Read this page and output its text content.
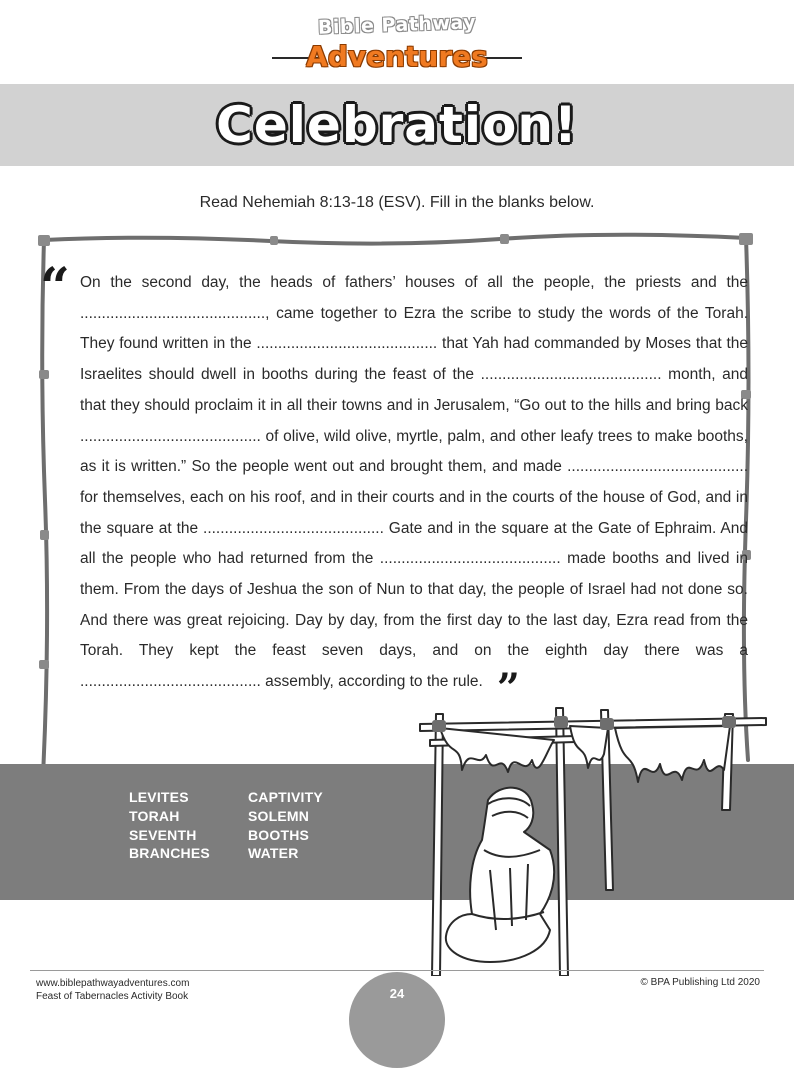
Bible Pathway
Adventures
Celebration!
Read Nehemiah 8:13-18 (ESV). Fill in the blanks below.
“ On the second day, the heads of fathers’ houses of all the people, the priests and the ..........................................., came together to Ezra the scribe to study the words of the Torah. They found written in the .......................................... that Yah had commanded by Moses that the Israelites should dwell in booths during the feast of the .......................................... month, and that they should proclaim it in all their towns and in Jerusalem, “Go out to the hills and bring back .......................................... of olive, wild olive, myrtle, palm, and other leafy trees to make booths, as it is written.” So the people went out and brought them, and made .......................................... for themselves, each on his roof, and in their courts and in the courts of the house of God, and in the square at the .......................................... Gate and in the square at the Gate of Ephraim. And all the people who had returned from the .......................................... made booths and lived in them. From the days of Jeshua the son of Nun to that day, the people of Israel had not done so. And there was great rejoicing. Day by day, from the first day to the last day, Ezra read from the Torah. They kept the feast seven days, and on the eighth day there was a .......................................... assembly, according to the rule. ”
LEVITES
TORAH
SEVENTH
BRANCHES
CAPTIVITY
SOLEMN
BOOTHS
WATER
www.biblepathwayadventures.com
Feast of Tabernacles Activity Book
© BPA Publishing Ltd 2020
24
